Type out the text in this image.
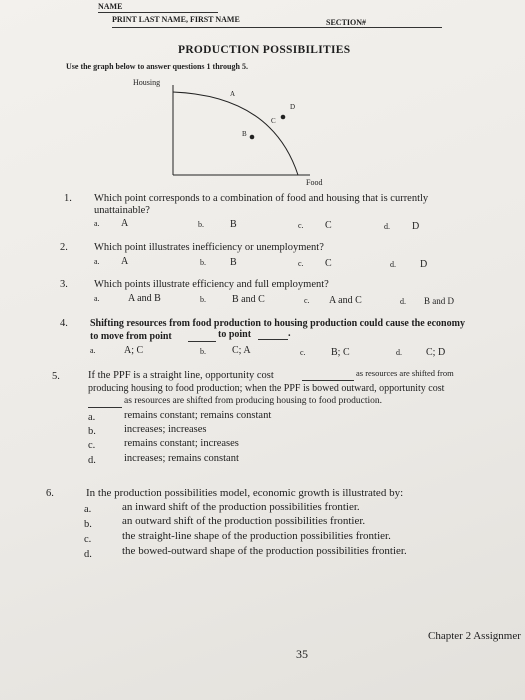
NAME
PRINT LAST NAME, FIRST NAME	SECTION#
PRODUCTION POSSIBILITIES
Use the graph below to answer questions 1 through 5.
Housing
Food
A
B
C
D
1. Which point corresponds to a combination of food and housing that is currently
unattainable?
a. A	b.	B	c. C	d. D
2. Which point illustrates inefficiency or unemployment?
a. A	b. B	c. C	d. D
3. Which points illustrate efficiency and full employment?
a.	A and B	b.	B and C	c. A and C	d. B and D
4. Shifting resources from food production to housing production could cause the economy
to move from point	to point	.
a.	A; C	b.	C; A	c.	B; C	d. C; D
5.	If the PPF is a straight line, opportunity cost	as resources are shifted from
producing housing to food production; when the PPF is bowed outward, opportunity cost
as resources are shifted from producing housing to food production.
a.	remains constant; remains constant
b.	increases; increases
c.	remains constant; increases
d.	increases; remains constant
6.	In the production possibilities model, economic growth is illustrated by:
a.	an inward shift of the production possibilities frontier.
b.	an outward shift of the production possibilities frontier.
c.	the straight-line shape of the production possibilities frontier.
d.	the bowed-outward shape of the production possibilities frontier.
35
Chapter 2 Assignmer
